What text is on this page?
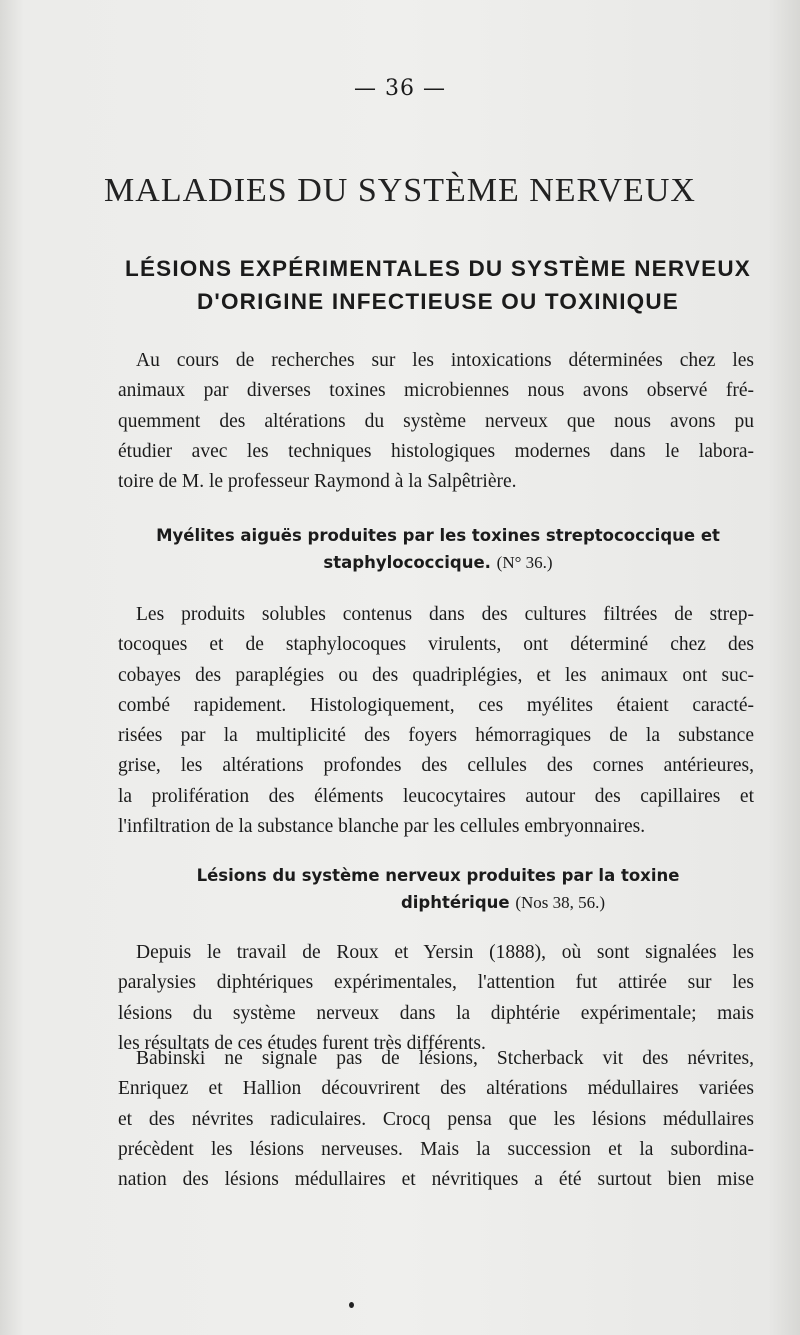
— 36 —
MALADIES DU SYSTÈME NERVEUX
LÉSIONS EXPÉRIMENTALES DU SYSTÈME NERVEUX
D'ORIGINE INFECTIEUSE OU TOXINIQUE

Au cours de recherches sur les intoxications déterminées chez les
animaux par diverses toxines microbiennes nous avons observé fré-
quemment des altérations du système nerveux que nous avons pu
étudier avec les techniques histologiques modernes dans le labora-
toire de M. le professeur Raymond à la Salpêtrière.

Myélites aiguës produites par les toxines streptococcique et
staphylococcique. (N° 36.)

Les produits solubles contenus dans des cultures filtrées de strep-
tocoques et de staphylocoques virulents, ont déterminé chez des
cobayes des paraplégies ou des quadriplégies, et les animaux ont suc-
combé rapidement. Histologiquement, ces myélites étaient caracté-
risées par la multiplicité des foyers hémorragiques de la substance
grise, les altérations profondes des cellules des cornes antérieures,
la prolifération des éléments leucocytaires autour des capillaires et
l'infiltration de la substance blanche par les cellules embryonnaires.

Lésions du système nerveux produites par la toxine
diphtérique (Nos 38, 56.)

Depuis le travail de Roux et Yersin (1888), où sont signalées les
paralysies diphtériques expérimentales, l'attention fut attirée sur les
lésions du système nerveux dans la diphtérie expérimentale; mais
les résultats de ces études furent très différents.

Babinski ne signale pas de lésions, Stcherback vit des névrites,
Enriquez et Hallion découvrirent des altérations médullaires variées
et des névrites radiculaires. Crocq pensa que les lésions médullaires
précèdent les lésions nerveuses. Mais la succession et la subordina-
nation des lésions médullaires et névritiques a été surtout bien mise
